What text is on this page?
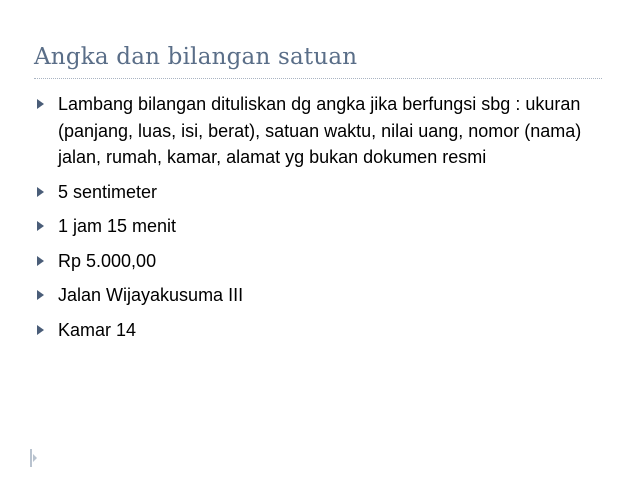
Angka dan bilangan satuan
Lambang bilangan dituliskan dg angka jika berfungsi sbg : ukuran (panjang, luas, isi, berat), satuan waktu, nilai uang, nomor (nama) jalan, rumah, kamar, alamat yg bukan dokumen resmi
5 sentimeter
1 jam 15 menit
Rp 5.000,00
Jalan Wijayakusuma III
Kamar 14
